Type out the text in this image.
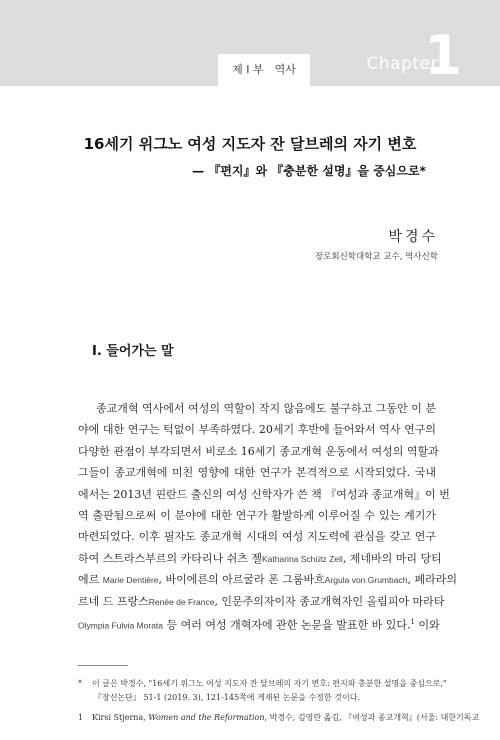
제 I 부　역사	Chapter
1
16세기 위그노 여성 지도자 잔 달브레의 자기 변호
— 『편지』와 『충분한 설명』을 중심으로*
박경수
장로회신학대학교 교수, 역사신학
I. 들어가는 말
종교개혁 역사에서 여성의 역할이 작지 않음에도 불구하고 그동안 이 분
야에 대한 연구는 턱없이 부족하였다. 20세기 후반에 들어와서 역사 연구의
다양한 관점이 부각되면서 비로소 16세기 종교개혁 운동에서 여성의 역할과
그들이 종교개혁에 미친 영향에 대한 연구가 본격적으로 시작되었다. 국내
에서는 2013년 핀란드 출신의 여성 신학자가 쓴 책 『여성과 종교개혁』이 번
역 출판됨으로써 이 분야에 대한 연구가 활발하게 이루어질 수 있는 계기가
마련되었다. 이후 필자도 종교개혁 시대의 여성 지도력에 관심을 갖고 연구
하여 스트라스부르의 카타리나 쉬츠 젤Katharina Schütz Zell, 제네바의 마리 당티
에르 Marie Dentière, 바이에른의 아르굴라 폰 그룸바흐Argula von Grumbach, 페라라의
르네 드 프랑스Renée de France, 인문주의자이자 종교개혁자인 올림피아 마라타
Olympia Fulvia Morata 등 여러 여성 개혁자에 관한 논문을 발표한 바 있다.$^1$ 이와
* 이 글은 박경수, "16세기 위그노 여성 지도자 잔 달브레의 자기 변호: 편지와 충분한 설명을 중심으로,"
『장신논단』 51-1 (2019. 3), 121-145쪽에 게재된 논문을 수정한 것이다.
1 Kirsi Stjerna, Women and the Reformation, 박경수, 김영란 옮김, 『여성과 종교개혁』(서울: 대한기독교
